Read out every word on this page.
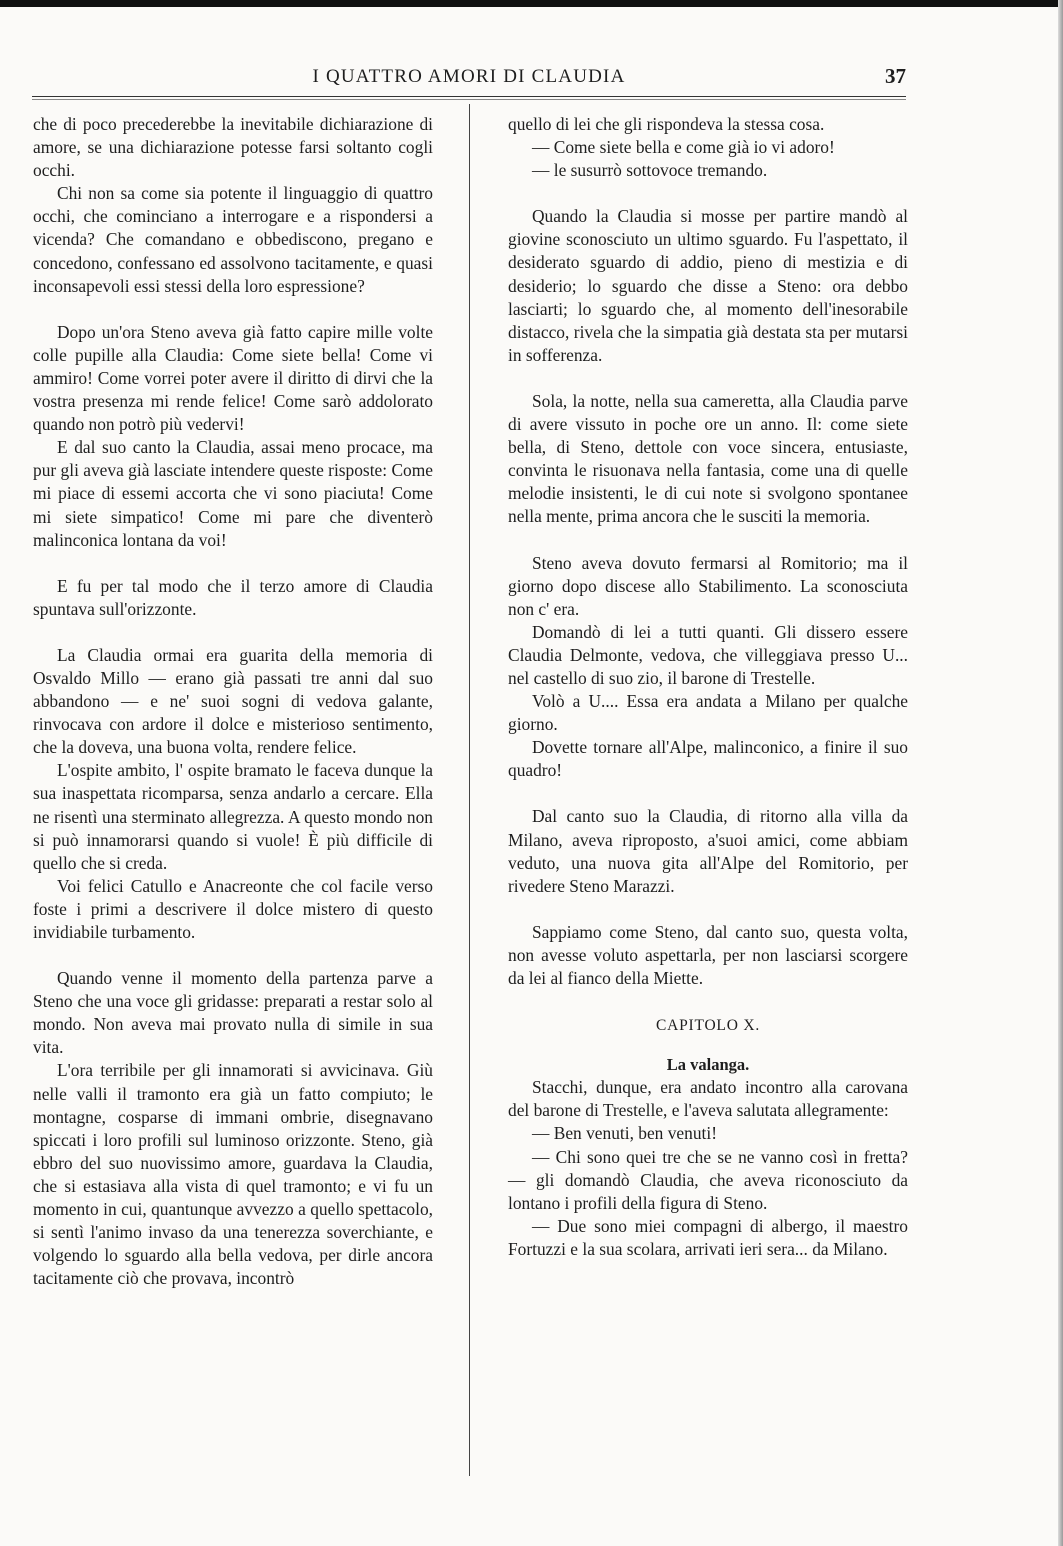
I QUATTRO AMORI DI CLAUDIA	37

che di poco precederebbe la inevitabile dichiarazione di amore, se una dichiarazione potesse farsi soltanto cogli occhi.

Chi non sa come sia potente il linguaggio di quattro occhi, che cominciano a interrogare e a rispondersi a vicenda? Che comandano e obbediscono, pregano e concedono, confessano ed assolvono tacitamente, e quasi inconsapevoli essi stessi della loro espressione?

Dopo un'ora Steno aveva già fatto capire mille volte colle pupille alla Claudia: Come siete bella! Come vi ammiro! Come vorrei poter avere il diritto di dirvi che la vostra presenza mi rende felice! Come sarò addolorato quando non potrò più vedervi!

E dal suo canto la Claudia, assai meno procace, ma pur gli aveva già lasciate intendere queste risposte: Come mi piace di essemi accorta che vi sono piaciuta! Come mi siete simpatico! Come mi pare che diventerò malinconica lontana da voi!

E fu per tal modo che il terzo amore di Claudia spuntava sull'orizzonte.

La Claudia ormai era guarita della memoria di Osvaldo Millo — erano già passati tre anni dal suo abbandono — e ne' suoi sogni di vedova galante, rinvocava con ardore il dolce e misterioso sentimento, che la doveva, una buona volta, rendere felice.

L'ospite ambito, l' ospite bramato le faceva dunque la sua inaspettata ricomparsa, senza andarlo a cercare. Ella ne risentì una sterminato allegrezza. A questo mondo non si può innamorarsi quando si vuole! È più difficile di quello che si creda.

Voi felici Catullo e Anacreonte che col facile verso foste i primi a descrivere il dolce mistero di questo invidiabile turbamento.

Quando venne il momento della partenza parve a Steno che una voce gli gridasse: preparati a restar solo al mondo. Non aveva mai provato nulla di simile in sua vita.

L'ora terribile per gli innamorati si avvicinava. Giù nelle valli il tramonto era già un fatto compiuto; le montagne, cosparse di immani ombrie, disegnavano spiccati i loro profili sul luminoso orizzonte. Steno, già ebbro del suo nuovissimo amore, guardava la Claudia, che si estasiava alla vista di quel tramonto; e vi fu un momento in cui, quantunque avvezzo a quello spettacolo, si sentì l'animo invaso da una tenerezza soverchiante, e volgendo lo sguardo alla bella vedova, per dirle ancora tacitamente ciò che provava, incontrò

quello di lei che gli rispondeva la stessa cosa.

— Come siete bella e come già io vi adoro!

— le susurrò sottovoce tremando.

Quando la Claudia si mosse per partire mandò al giovine sconosciuto un ultimo sguardo. Fu l'aspettato, il desiderato sguardo di addio, pieno di mestizia e di desiderio; lo sguardo che disse a Steno: ora debbo lasciarti; lo sguardo che, al momento dell'inesorabile distacco, rivela che la simpatia già destata sta per mutarsi in sofferenza.

Sola, la notte, nella sua cameretta, alla Claudia parve di avere vissuto in poche ore un anno. Il: come siete bella, di Steno, dettole con voce sincera, entusiaste, convinta le risuonava nella fantasia, come una di quelle melodie insistenti, le di cui note si svolgono spontanee nella mente, prima ancora che le susciti la memoria.

Steno aveva dovuto fermarsi al Romitorio; ma il giorno dopo discese allo Stabilimento. La sconosciuta non c' era.

Domandò di lei a tutti quanti. Gli dissero essere Claudia Delmonte, vedova, che villeggiava presso U... nel castello di suo zio, il barone di Trestelle.

Volò a U.... Essa era andata a Milano per qualche giorno.

Dovette tornare all'Alpe, malinconico, a finire il suo quadro!

Dal canto suo la Claudia, di ritorno alla villa da Milano, aveva riproposto, a'suoi amici, come abbiam veduto, una nuova gita all'Alpe del Romitorio, per rivedere Steno Marazzi.

Sappiamo come Steno, dal canto suo, questa volta, non avesse voluto aspettarla, per non lasciarsi scorgere da lei al fianco della Miette.

CAPITOLO X.
La valanga.

Stacchi, dunque, era andato incontro alla carovana del barone di Trestelle, e l'aveva salutata allegramente:

— Ben venuti, ben venuti!

— Chi sono quei tre che se ne vanno così in fretta? — gli domandò Claudia, che aveva riconosciuto da lontano i profili della figura di Steno.

— Due sono miei compagni di albergo, il maestro Fortuzzi e la sua scolara, arrivati ieri sera... da Milano.
